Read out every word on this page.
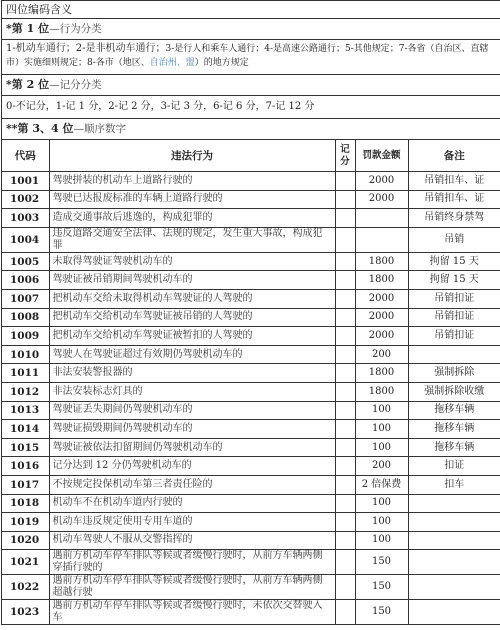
四位编码含义
*第 1 位—行为分类
1-机动车通行；2-是非机动车通行；3-是行人和乘车人通行；4-是高速公路通行；5-其他规定；7-各省（自治区、直辖市）实施细则规定；8-各市（地区、自治州、盟）的地方规定
*第 2 位—记分分类
0-不记分，1-记 1 分，2-记 2 分，3-记 3 分，6-记 6 分，7-记 12 分
**第 3、4 位—顺序数字
代码	违法行为	记分	罚款金额	备注
1001	驾驶拼装的机动车上道路行驶的		2000	吊销扣车、证
1002	驾驶已达报废标准的车辆上道路行驶的		2000	吊销扣车、证
1003	造成交通事故后逃逸的，构成犯罪的			吊销终身禁驾
1004	违反道路交通安全法律、法规的规定，发生重大事故，构成犯罪			吊销
1005	未取得驾驶证驾驶机动车的		1800	拘留 15 天
1006	驾驶证被吊销期间驾驶机动车的		1800	拘留 15 天
1007	把机动车交给未取得机动车驾驶证的人驾驶的		2000	吊销扣证
1008	把机动车交给机动车驾驶证被吊销的人驾驶的		2000	吊销扣证
1009	把机动车交给机动车驾驶证被暂扣的人驾驶的		2000	吊销扣证
1010	驾驶人在驾驶证超过有效期仍驾驶机动车的		200	
1011	非法安装警报器的		1800	强制拆除
1012	非法安装标志灯具的		1800	强制拆除收缴
1013	驾驶证丢失期间仍驾驶机动车的		100	拖移车辆
1014	驾驶证损毁期间仍驾驶机动车的		100	拖移车辆
1015	驾驶证被依法扣留期间仍驾驶机动车的		100	拖移车辆
1016	记分达到 12 分仍驾驶机动车的		200	扣证
1017	不按规定投保机动车第三者责任险的		2 倍保费	扣车
1018	机动车不在机动车道内行驶的		100	
1019	机动车违反规定使用专用车道的		100	
1020	机动车驾驶人不服从交警指挥的		100	
1021	遇前方机动车停车排队等候或者缓慢行驶时，从前方车辆两侧穿插行驶的		150	
1022	遇前方机动车停车排队等候或者缓慢行驶时，从前方车辆两侧超越行驶		150	
1023	遇前方机动车停车排队等候或者缓慢行驶时，未依次交替驶入车		150	
